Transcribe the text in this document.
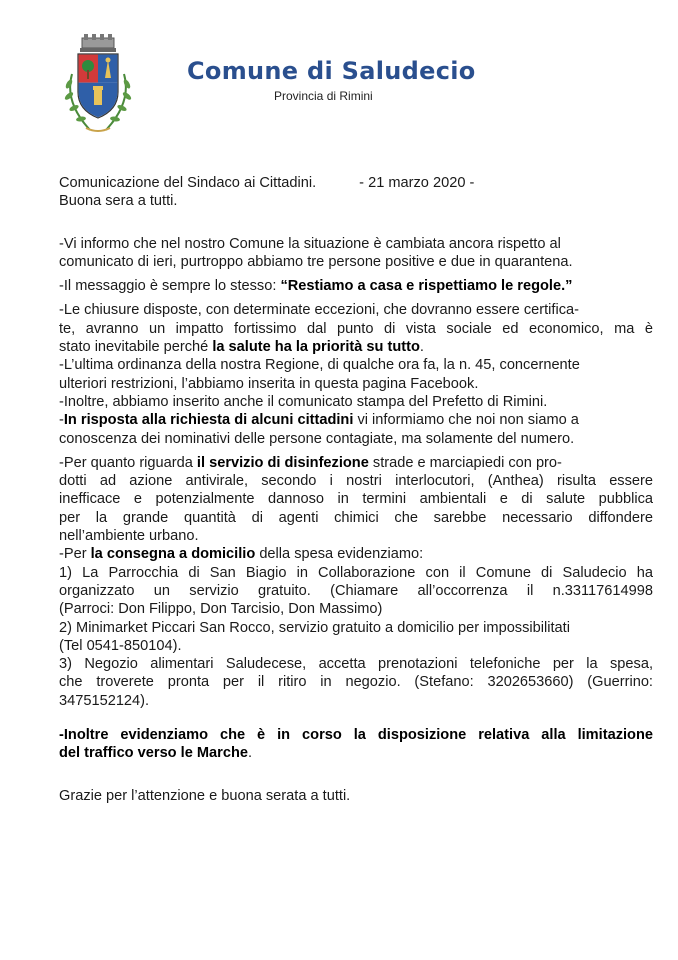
Comune di Saludecio
Provincia di Rimini
Comunicazione del Sindaco ai Cittadini.	- 21 marzo 2020 -
Buona sera a tutti.
-Vi informo che nel nostro Comune la situazione è cambiata ancora rispetto al
comunicato di ieri, purtroppo abbiamo tre persone positive e due in quarantena.
-Il messaggio è sempre lo stesso: “Restiamo a casa e rispettiamo le regole.”
-Le chiusure disposte, con determinate eccezioni, che dovranno essere certifica-
te, avranno un impatto fortissimo dal punto di vista sociale ed economico, ma è
stato inevitabile perché la salute ha la priorità su tutto.
-L’ultima ordinanza della nostra Regione, di qualche ora fa, la n. 45, concernente
ulteriori restrizioni, l’abbiamo inserita in questa pagina Facebook.
-Inoltre, abbiamo inserito anche il comunicato stampa del Prefetto di Rimini.
-In risposta alla richiesta di alcuni cittadini vi informiamo che noi non siamo a
conoscenza dei nominativi delle persone contagiate, ma solamente del numero.
-Per quanto riguarda il servizio di disinfezione strade e marciapiedi con pro-
dotti ad azione antivirale, secondo i nostri interlocutori, (Anthea) risulta essere
inefficace e potenzialmente dannoso in termini ambientali e di salute pubblica
per la grande quantità di agenti chimici che sarebbe necessario diffondere
nell’ambiente urbano.
-Per la consegna a domicilio della spesa evidenziamo:
1) La Parrocchia di San Biagio in Collaborazione con il Comune di Saludecio ha
organizzato un servizio gratuito. (Chiamare all’occorrenza il n.33117614998
(Parroci: Don Filippo, Don Tarcisio, Don Massimo)
2) Minimarket Piccari San Rocco, servizio gratuito a domicilio per impossibilitati
(Tel 0541-850104).
3) Negozio alimentari Saludecese, accetta prenotazioni telefoniche per la spesa,
che troverete pronta per il ritiro in negozio. (Stefano: 3202653660) (Guerrino:
3475152124).
-Inoltre evidenziamo che è in corso la disposizione relativa alla limitazione
del traffico verso le Marche.
Grazie per l’attenzione e buona serata a tutti.
